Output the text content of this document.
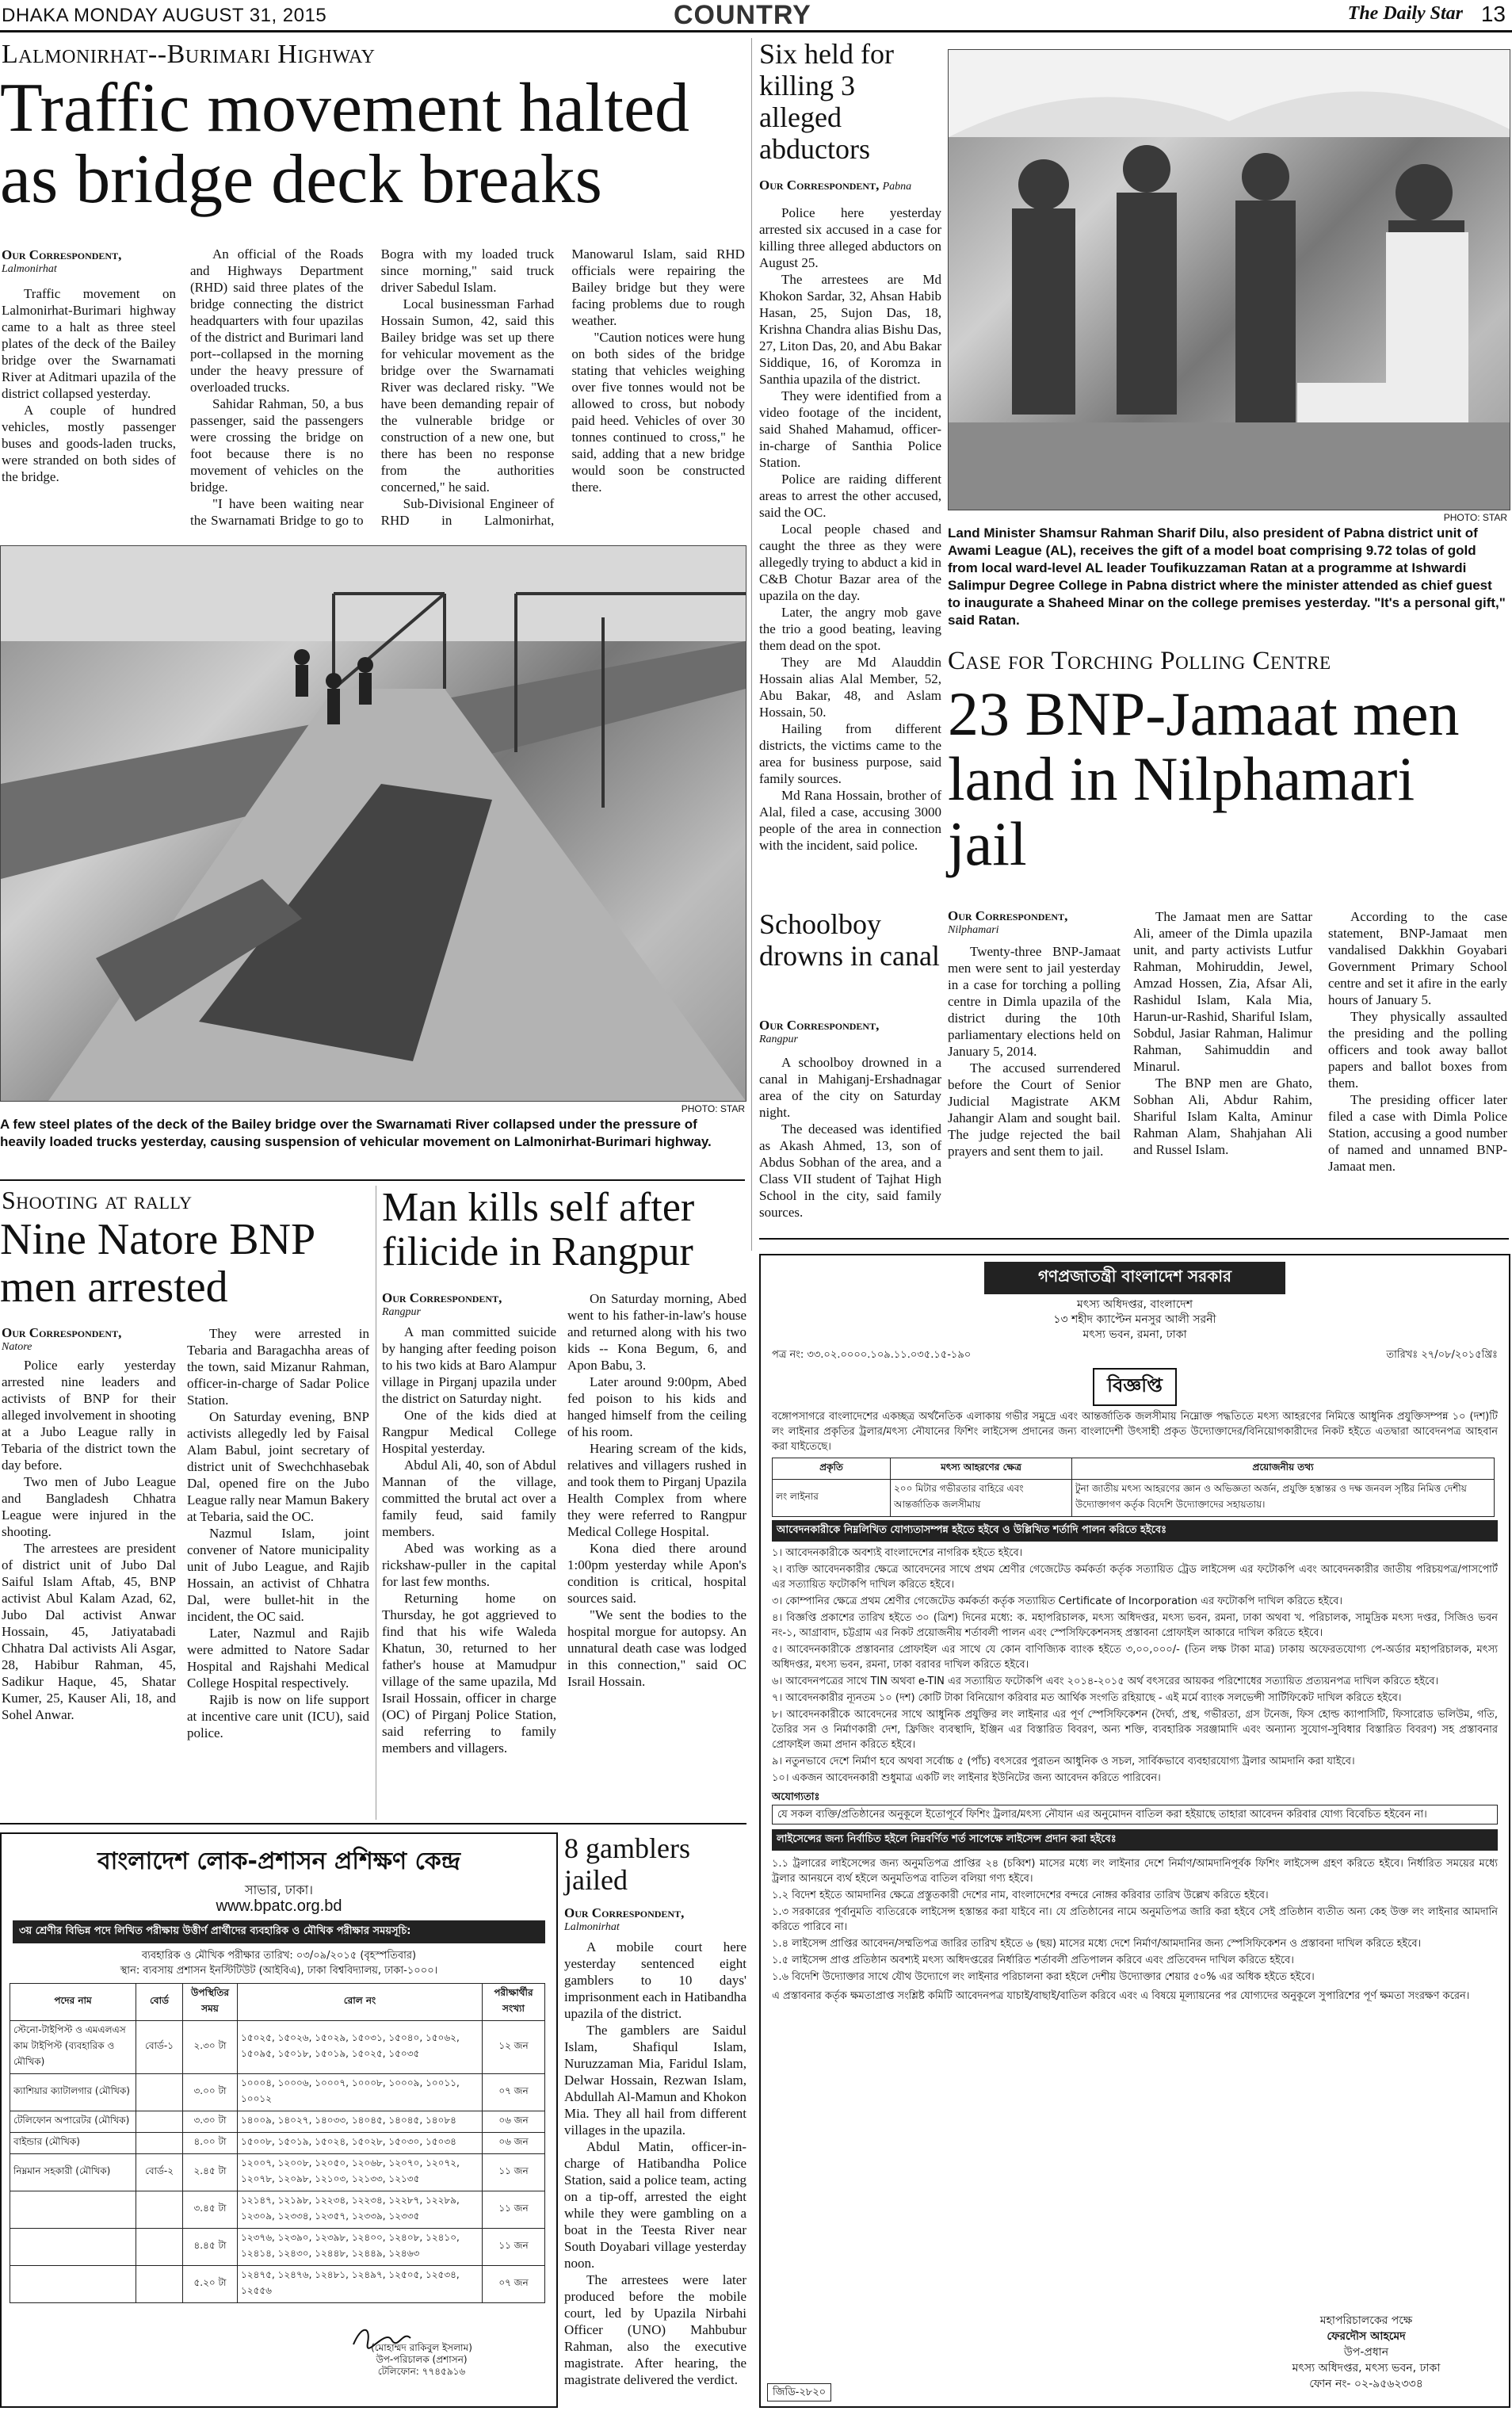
DHAKA MONDAY AUGUST 31, 2015	COUNTRY	The Daily Star 13
Lalmonirhat--Burimari Highway
Traffic movement halted as bridge deck breaks
Our Correspondent,
Lalmonirhat

Traffic movement on Lalmonirhat-Burimari highway came to a halt as three steel plates of the deck of the Bailey bridge over the Swarnamati River at Aditmari upazila of the district collapsed yesterday.

A couple of hundred vehicles, mostly passenger buses and goods-laden trucks, were stranded on both sides of the bridge.

An official of the Roads and Highways Department (RHD) said three plates of the bridge connecting the district headquarters with four upazilas of the district and Burimari land port--collapsed in the morning under the heavy pressure of overloaded trucks.

Sahidar Rahman, 50, a bus passenger, said the passengers were crossing the bridge on foot because there is no movement of vehicles on the bridge.

"I have been waiting near the Swarnamati Bridge to go to Bogra with my loaded truck since morning," said truck driver Sabedul Islam.

Local businessman Farhad Hossain Sumon, 42, said this Bailey bridge was set up there for vehicular movement as the bridge over the Swarnamati River was declared risky. "We have been demanding repair of the vulnerable bridge or construction of a new one, but there has been no response from the authorities concerned," he said.

Sub-Divisional Engineer of RHD in Lalmonirhat, Manowarul Islam, said RHD officials were repairing the Bailey bridge but they were facing problems due to rough weather.

"Caution notices were hung on both sides of the bridge stating that vehicles weighing over five tonnes would not be allowed to cross, but nobody paid heed. Vehicles of over 30 tonnes continued to cross," he said, adding that a new bridge would soon be constructed there.

PHOTO: STAR
A few steel plates of the deck of the Bailey bridge over the Swarnamati River collapsed under the pressure of heavily loaded trucks yesterday, causing suspension of vehicular movement on Lalmonirhat-Burimari highway.
Six held for killing 3 alleged abductors
Our Correspondent, Pabna

Police here yesterday arrested six accused in a case for killing three alleged abductors on August 25.

The arrestees are Md Khokon Sardar, 32, Ahsan Habib Hasan, 25, Sujon Das, 18, Krishna Chandra alias Bishu Das, 27, Liton Das, 20, and Abu Bakar Siddique, 16, of Koromza in Santhia upazila of the district.

They were identified from a video footage of the incident, said Shahed Mahamud, officer-in-charge of Santhia Police Station.

Police are raiding different areas to arrest the other accused, said the OC.

Local people chased and caught the three as they were allegedly trying to abduct a kid in C&B Chotur Bazar area of the upazila on the day.

Later, the angry mob gave the trio a good beating, leaving them dead on the spot.

They are Md Alauddin Hossain alias Alal Member, 52, Abu Bakar, 48, and Aslam Hossain, 50.

Hailing from different districts, the victims came to the area for business purpose, said family sources.

Md Rana Hossain, brother of Alal, filed a case, accusing 3000 people of the area in connection with the incident, said police.

PHOTO: STAR
Land Minister Shamsur Rahman Sharif Dilu, also president of Pabna district unit of Awami League (AL), receives the gift of a model boat comprising 9.72 tolas of gold from local ward-level AL leader Toufikuzzaman Ratan at a programme at Ishwardi Salimpur Degree College in Pabna district where the minister attended as chief guest to inaugurate a Shaheed Minar on the college premises yesterday. "It's a personal gift," said Ratan.
Case for Torching Polling Centre
23 BNP-Jamaat men land in Nilphamari jail
Our Correspondent,
Nilphamari

Twenty-three BNP-Jamaat men were sent to jail yesterday in a case for torching a polling centre in Dimla upazila of the district during the 10th parliamentary elections held on January 5, 2014.

The accused surrendered before the Court of Senior Judicial Magistrate AKM Jahangir Alam and sought bail. The judge rejected the bail prayers and sent them to jail.

The Jamaat men are Sattar Ali, ameer of the Dimla upazila unit, and party activists Lutfur Rahman, Mohiruddin, Jewel, Amzad Hossen, Zia, Afsar Ali, Rashidul Islam, Kala Mia, Harun-ur-Rashid, Shariful Islam, Sobdul, Jasiar Rahman, Halimur Rahman, Sahimuddin and Minarul.

The BNP men are Ghato, Sobhan Ali, Abdur Rahim, Shariful Islam Kalta, Aminur Rahman Alam, Shahjahan Ali and Russel Islam.

According to the case statement, BNP-Jamaat men vandalised Dakkhin Goyabari Government Primary School centre and set it afire in the early hours of January 5.

They physically assaulted the presiding and the polling officers and took away ballot papers and ballot boxes from them.

The presiding officer later filed a case with Dimla Police Station, accusing a good number of named and unnamed BNP-Jamaat men.

Schoolboy drowns in canal
Our Correspondent,
Rangpur

A schoolboy drowned in a canal in Mahiganj-Ershadnagar area of the city on Saturday night.

The deceased was identified as Akash Ahmed, 13, son of Abdus Sobhan of the area, and a Class VII student of Tajhat High School in the city, said family sources.

Shooting at rally
Nine Natore BNP men arrested
Our Correspondent,
Natore

Police early yesterday arrested nine leaders and activists of BNP for their alleged involvement in shooting at a Jubo League rally in Tebaria of the district town the day before.

Two men of Jubo League and Bangladesh Chhatra League were injured in the shooting.

The arrestees are president of district unit of Jubo Dal Saiful Islam Aftab, 45, BNP activist Abul Kalam Azad, 62, Jubo Dal activist Anwar Hossain, 45, Jatiyatabadi Chhatra Dal activists Ali Asgar, 28, Habibur Rahman, 45, Sadikur Haque, 45, Shatar Kumer, 25, Kauser Ali, 18, and Sohel Anwar.

They were arrested in Tebaria and Baragachha areas of the town, said Mizanur Rahman, officer-in-charge of Sadar Police Station.

On Saturday evening, BNP activists allegedly led by Faisal Alam Babul, joint secretary of district unit of Swechchhasebak Dal, opened fire on the Jubo League rally near Mamun Bakery at Tebaria, said the OC.

Nazmul Islam, joint convener of Natore municipality unit of Jubo League, and Rajib Hossain, an activist of Chhatra Dal, were bullet-hit in the incident, the OC said.

Later, Nazmul and Rajib were admitted to Natore Sadar Hospital and Rajshahi Medical College Hospital respectively.

Rajib is now on life support at incentive care unit (ICU), said police.

Man kills self after filicide in Rangpur
Our Correspondent,
Rangpur

A man committed suicide by hanging after feeding poison to his two kids at Baro Alampur village in Pirganj upazila under the district on Saturday night.

One of the kids died at Rangpur Medical College Hospital yesterday.

Abdul Ali, 40, son of Abdul Mannan of the village, committed the brutal act over a family feud, said family members.

Abed was working as a rickshaw-puller in the capital for last few months.

Returning home on Thursday, he got aggrieved to find that his wife Waleda Khatun, 30, returned to her father's house at Mamudpur village of the same upazila, Md Israil Hossain, officer in charge (OC) of Pirganj Police Station, said referring to family members and villagers.

On Saturday morning, Abed went to his father-in-law's house and returned along with his two kids -- Kona Begum, 6, and Apon Babu, 3.

Later around 9:00pm, Abed fed poison to his kids and hanged himself from the ceiling of his room.

Hearing scream of the kids, relatives and villagers rushed in and took them to Pirganj Upazila Health Complex from where they were referred to Rangpur Medical College Hospital.

Kona died there around 1:00pm yesterday while Apon's condition is critical, hospital sources said.

"We sent the bodies to the hospital morgue for autopsy. An unnatural death case was lodged in this connection," said OC Israil Hossain.

বাংলাদেশ লোক-প্রশাসন প্রশিক্ষণ কেন্দ্র
সাভার, ঢাকা।
www.bpatc.org.bd
৩য় শ্রেণীর বিভিন্ন পদে লিখিত পরীক্ষায় উত্তীর্ণ প্রার্থীদের ব্যবহারিক ও মৌখিক পরীক্ষার সময়সূচি:
ব্যবহারিক ও মৌখিক পরীক্ষার তারিখ: ০৩/০৯/২০১৫ (বৃহস্পতিবার)
স্থান: ব্যবসায় প্রশাসন ইনস্টিটিউট (আইবিএ), ঢাকা বিশ্ববিদ্যালয়, ঢাকা-১০০০।
পদের নাম	বোর্ড	উপস্থিতির সময়	রোল নং	পরীক্ষার্থীর সংখ্যা
স্টেনো-টাইপিস্ট ও এমএলএস কাম টাইপিস্ট (ব্যবহারিক ও মৌখিক)	বোর্ড-১	২.৩০ টা	১৫০২৫, ১৫০২৬, ১৫০২৯, ১৫০৩১, ১৫০৪০, ১৫০৬২, ১৫০৯৫, ১৫০১৮, ১৫০১৯, ১৫০২৫, ১৫০৩৫	১২ জন
ক্যাশিয়ার ক্যাটালগার (মৌখিক)		৩.০০ টা	১০০০৪, ১০০০৬, ১০০০৭, ১০০০৮, ১০০০৯, ১০০১১, ১০০১২	০৭ জন
টেলিফোন অপারেটর (মৌখিক)		৩.৩০ টা	১৪০০৯, ১৪০২৭, ১৪০৩৩, ১৪০৪৫, ১৪০৪৫, ১৪০৮৪	০৬ জন
বাইন্ডার (মৌখিক)		৪.০০ টা	১৫০০৮, ১৫০১৯, ১৫০২৪, ১৫০২৮, ১৫০৩০, ১৫০৩৪	০৬ জন
নিম্নমান সহকারী (মৌখিক)	বোর্ড-২	২.৪৫ টা	১২০০৭, ১২০০৮, ১২০৫০, ১২০৬৮, ১২০৭০, ১২০৭২, ১২০৭৮, ১২০৯৮, ১২১০৩, ১২১৩৩, ১২১৩৫	১১ জন
		৩.৪৫ টা	১২১৪৭, ১২১৯৮, ১২২৩৪, ১২২৩৪, ১২২৮৭, ১২২৮৯, ১২৩০৯, ১২৩৩৪, ১২৩৫৭, ১২৩৩৯, ১২৩৩৫	১১ জন
		৪.৪৫ টা	১২৩৭৬, ১২৩৯০, ১২৩৯৮, ১২৪০০, ১২৪০৮, ১২৪১০, ১২৪১৪, ১২৪৩০, ১২৪৪৮, ১২৪৪৯, ১২৪৬৩	১১ জন
		৫.২০ টা	১২৪৭৫, ১২৪৭৬, ১২৪৮১, ১২৪৯৭, ১২৫০৫, ১২৫৩৪, ১২৫৫৬	০৭ জন
(মোহাম্মদ রাকিবুল ইসলাম)
উপ-পরিচালক (প্রশাসন)
টেলিফোন: ৭৭৪৫৯১৬
8 gamblers jailed
Our Correspondent,
Lalmonirhat

A mobile court here yesterday sentenced eight gamblers to 10 days' imprisonment each in Hatibandha upazila of the district.

The gamblers are Saidul Islam, Shafiqul Islam, Nuruzzaman Mia, Faridul Islam, Delwar Hossain, Rezwan Islam, Abdullah Al-Mamun and Khokon Mia. They all hail from different villages in the upazila.

Abdul Matin, officer-in-charge of Hatibandha Police Station, said a police team, acting on a tip-off, arrested the eight while they were gambling on a boat in the Teesta River near South Doyabari village yesterday noon.

The arrestees were later produced before the mobile court, led by Upazila Nirbahi Officer (UNO) Mahbubur Rahman, also the executive magistrate. After hearing, the magistrate delivered the verdict.

গণপ্রজাতন্ত্রী বাংলাদেশ সরকার
মৎস্য অধিদপ্তর, বাংলাদেশ
১৩ শহীদ ক্যাপ্টেন মনসুর আলী সরনী
মৎস্য ভবন, রমনা, ঢাকা
পত্র নং: ৩৩.০২.০০০০.১০৯.১১.০৩৫.১৫-১৯০	তারিখঃ ২৭/০৮/২০১৫খ্রিঃ
বিজ্ঞপ্তি
বঙ্গোপসাগরে বাংলাদেশের একচ্ছত্র অর্থনৈতিক এলাকায় গভীর সমুদ্রে এবং আন্তর্জাতিক জলসীমায় নিম্নোক্ত পদ্ধতিতে মৎস্য আহরণের নিমিত্তে আধুনিক প্রযুক্তিসম্পন্ন ১০ (দশ)টি লং লাইনার প্রকৃতির ট্রলার/মৎস্য নৌযানের ফিশিং লাইসেন্স প্রদানের জন্য বাংলাদেশী উৎসাহী প্রকৃত উদ্যোক্তাদের/বিনিয়োগকারীদের নিকট হইতে এতদ্বারা আবেদনপত্র আহবান করা যাইতেছে।
প্রকৃতি	মৎস্য আহরণের ক্ষেত্র	প্রয়োজনীয় তথ্য
লং লাইনার	২০০ মিটার গভীরতার বাহিরে এবং আন্তর্জাতিক জলসীমায়	টুনা জাতীয় মৎস্য আহরণের জ্ঞান ও অভিজ্ঞতা অর্জন, প্রযুক্তি হস্তান্তর ও দক্ষ জনবল সৃষ্টির নিমিত্ত দেশীয় উদ্যোক্তাগণ কর্তৃক বিদেশি উদ্যোক্তাদের সহায়তায়।
আবেদনকারীকে নিম্নলিখিত যোগ্যতাসম্পন্ন হইতে হইবে ও উল্লিখিত শর্তাদি পালন করিতে হইবেঃ
১। আবেদনকারীকে অবশ্যই বাংলাদেশের নাগরিক হইতে হইবে।
২। ব্যক্তি আবেদনকারীর ক্ষেত্রে আবেদনের সাথে প্রথম শ্রেণীর গেজেটেড কর্মকর্তা কর্তৃক সত্যায়িত ট্রেড লাইসেন্স এর ফটোকপি এবং আবেদনকারীর জাতীয় পরিচয়পত্র/পাসপোর্ট এর সত্যায়িত ফটোকপি দাখিল করিতে হইবে।
৩। কোম্পানির ক্ষেত্রে প্রথম শ্রেণীর গেজেটেড কর্মকর্তা কর্তৃক সত্যায়িত Certificate of Incorporation এর ফটোকপি দাখিল করিতে হইবে।
৪। বিজ্ঞপ্তি প্রকাশের তারিখ হইতে ৩০ (ত্রিশ) দিনের মধ্যে: ক. মহাপরিচালক, মৎস্য অধিদপ্তর, মৎস্য ভবন, রমনা, ঢাকা অথবা খ. পরিচালক, সামুদ্রিক মৎস্য দপ্তর, সিজিও ভবন নং-১, আগ্রাবাদ, চট্টগ্রাম এর নিকট প্রয়োজনীয় শর্তাবলী পালন এবং স্পেসিফিকেশনসহ প্রস্তাবনা প্রোফাইল আকারে দাখিল করিতে হইবে।
৫। আবেদনকারীকে প্রস্তাবনার প্রোফাইল এর সাথে যে কোন বাণিজ্যিক ব্যাংক হইতে ৩,০০,০০০/- (তিন লক্ষ টাকা মাত্র) ঢাকায় অফেরতযোগ্য পে-অর্ডার মহাপরিচালক, মৎস্য অধিদপ্তর, মৎস্য ভবন, রমনা, ঢাকা বরাবর দাখিল করিতে হইবে।
৬। আবেদনপত্রের সাথে TIN অথবা e-TIN এর সত্যায়িত ফটোকপি এবং ২০১৪-২০১৫ অর্থ বৎসরের আয়কর পরিশোধের সত্যায়িত প্রত্যয়নপত্র দাখিল করিতে হইবে।
৭। আবেদনকারীর ন্যূনতম ১০ (দশ) কোটি টাকা বিনিয়োগ করিবার মত আর্থিক সংগতি রহিয়াছে - এই মর্মে ব্যাংক সলভেন্সী সার্টিফিকেট দাখিল করিতে হইবে।
৮। আবেদনকারীকে আবেদনের সাথে আধুনিক প্রযুক্তির লং লাইনার এর পূর্ণ স্পেসিফিকেশন (দৈর্ঘ্য, প্রস্থ, গভীরতা, গ্রস টনেজ, ফিস হোল্ড ক্যাপাসিটি, ফিসারোড ভলিউম, গতি, তৈরির সন ও নির্মাণকারী দেশ, ফ্রিজিং ব্যবস্থাদি, ইঞ্জিন এর বিস্তারিত বিবরণ, অন্য শক্তি, ব্যবহারিক সরঞ্জামাদি এবং অন্যান্য সুযোগ-সুবিধার বিস্তারিত বিবরণ) সহ প্রস্তাবনার প্রোফাইল জমা প্রদান করিতে হইবে।
৯। নতুনভাবে দেশে নির্মাণ হবে অথবা সর্বোচ্চ ৫ (পাঁচ) বৎসরের পুরাতন আধুনিক ও সচল, সার্বিকভাবে ব্যবহারযোগ্য ট্রলার আমদানি করা যাইবে।
১০। একজন আবেদনকারী শুধুমাত্র একটি লং লাইনার ইউনিটের জন্য আবেদন করিতে পারিবেন।
অযোগ্যতাঃ
যে সকল ব্যক্তি/প্রতিষ্ঠানের অনুকূলে ইতোপূর্বে ফিশিং ট্রলার/মৎস্য নৌযান এর অনুমোদন বাতিল করা হইয়াছে তাহারা আবেদন করিবার যোগ্য বিবেচিত হইবেন না।
লাইসেন্সের জন্য নির্বাচিত হইলে নিম্নবর্ণিত শর্ত সাপেক্ষে লাইসেন্স প্রদান করা হইবেঃ
১.১ ট্রলারের লাইসেন্সের জন্য অনুমতিপত্র প্রাপ্তির ২৪ (চব্বিশ) মাসের মধ্যে লং লাইনার দেশে নির্মাণ/আমদানিপূর্বক ফিশিং লাইসেন্স গ্রহণ করিতে হইবে। নির্ধারিত সময়ের মধ্যে ট্রলার আনয়নে ব্যর্থ হইলে অনুমতিপত্র বাতিল বলিয়া গণ্য হইবে।
১.২ বিদেশ হইতে আমদানির ক্ষেত্রে প্রস্তুতকারী দেশের নাম, বাংলাদেশের বন্দরে নোঙ্গর করিবার তারিখ উল্লেখ করিতে হইবে।
১.৩ সরকারের পূর্বানুমতি ব্যতিরেকে লাইসেন্স হস্তান্তর করা যাইবে না। যে প্রতিষ্ঠানের নামে অনুমতিপত্র জারি করা হইবে সেই প্রতিষ্ঠান ব্যতীত অন্য কেহ উক্ত লং লাইনার আমদানি করিতে পারিবে না।
১.৪ লাইসেন্স প্রাপ্তির আবেদন/সম্মতিপত্র জারির তারিখ হইতে ৬ (ছয়) মাসের মধ্যে দেশে নির্মাণ/আমদানির জন্য স্পেসিফিকেশন ও প্রস্তাবনা দাখিল করিতে হইবে।
১.৫ লাইসেন্স প্রাপ্ত প্রতিষ্ঠান অবশ্যই মৎস্য অধিদপ্তরের নির্ধারিত শর্তাবলী প্রতিপালন করিবে এবং প্রতিবেদন দাখিল করিতে হইবে।
১.৬ বিদেশি উদ্যোক্তার সাথে যৌথ উদ্যোগে লং লাইনার পরিচালনা করা হইলে দেশীয় উদ্যোক্তার শেয়ার ৫০% এর অধিক হইতে হইবে।
এ প্রস্তাবনার কর্তৃক ক্ষমতাপ্রাপ্ত সংশ্লিষ্ট কমিটি আবেদনপত্র যাচাই/বাছাই/বাতিল করিবে এবং এ বিষয়ে মূল্যায়নের পর যোগ্যদের অনুকূলে সুপারিশের পূর্ণ ক্ষমতা সংরক্ষণ করেন।
মহাপরিচালকের পক্ষে
ফেরদৌস আহমেদ
উপ-প্রধান
মৎস্য অধিদপ্তর, মৎস্য ভবন, ঢাকা
ফোন নং- ০২-৯৫৬২৩৩৪
জিডি-২৮২০
